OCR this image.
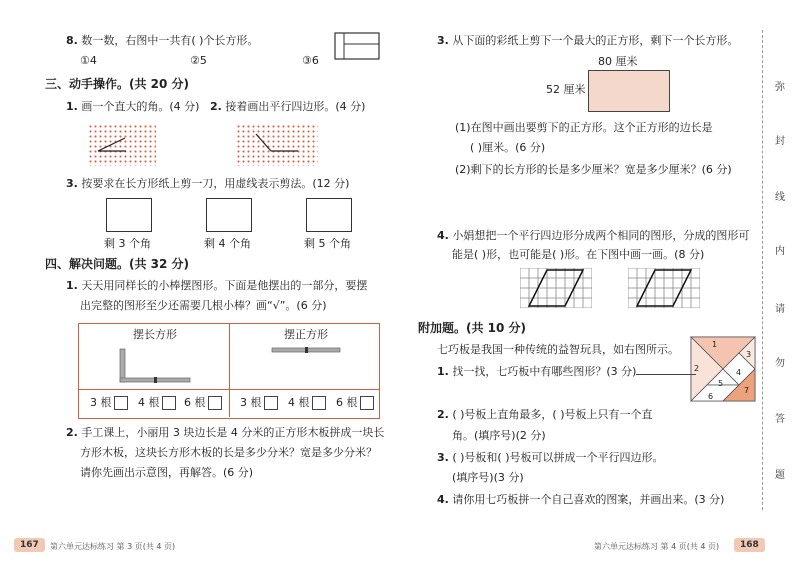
8. 数一数，右图中一共有( )个长方形。
①4	②5	③6
三、动手操作。(共 20 分)
1. 画一个直大的角。(4 分) 2. 接着画出平行四边形。(4 分)
3. 按要求在长方形纸上剪一刀，用虚线表示剪法。(12 分)
剩 3 个角	剩 4 个角	剩 5 个角
四、解决问题。(共 32 分)
1. 天天用同样长的小棒摆图形。下面是他摆出的一部分，要摆
出完整的图形至少还需要几根小棒？画“√”。(6 分)
摆长方形	摆正方形
3 根	4 根	6 根	3 根	4 根	6 根
2. 手工课上，小丽用 3 块边长是 4 分米的正方形木板拼成一块长
方形木板，这块长方形木板的长是多少分米？宽是多少分米？
请你先画出示意图，再解答。(6 分)
167	第六单元达标练习 第 3 页(共 4 页)
3. 从下面的彩纸上剪下一个最大的正方形，剩下一个长方形。
80 厘米
52 厘米
(1)在图中画出要剪下的正方形。这个正方形的边长是
( )厘米。(6 分)
(2)剩下的长方形的长是多少厘米？宽是多少厘米？(6 分)
4. 小娟想把一个平行四边形分成两个相同的图形，分成的图形可
能是( )形，也可能是( )形。在下图中画一画。(8 分)
附加题。(共 10 分)
七巧板是我国一种传统的益智玩具，如右图所示。	1
2
3
4
5
6
7
1. 找一找，七巧板中有哪些图形？(3 分)
2. ( )号板上直角最多，( )号板上只有一个直
角。(填序号)(2 分)
3. ( )号板和( )号板可以拼成一个平行四边形。
(填序号)(3 分)
4. 请你用七巧板拼一个自己喜欢的图案，并画出来。(3 分)
第六单元达标练习 第 4 页(共 4 页)	168
弥
封
线
内
请
勿
答
题
